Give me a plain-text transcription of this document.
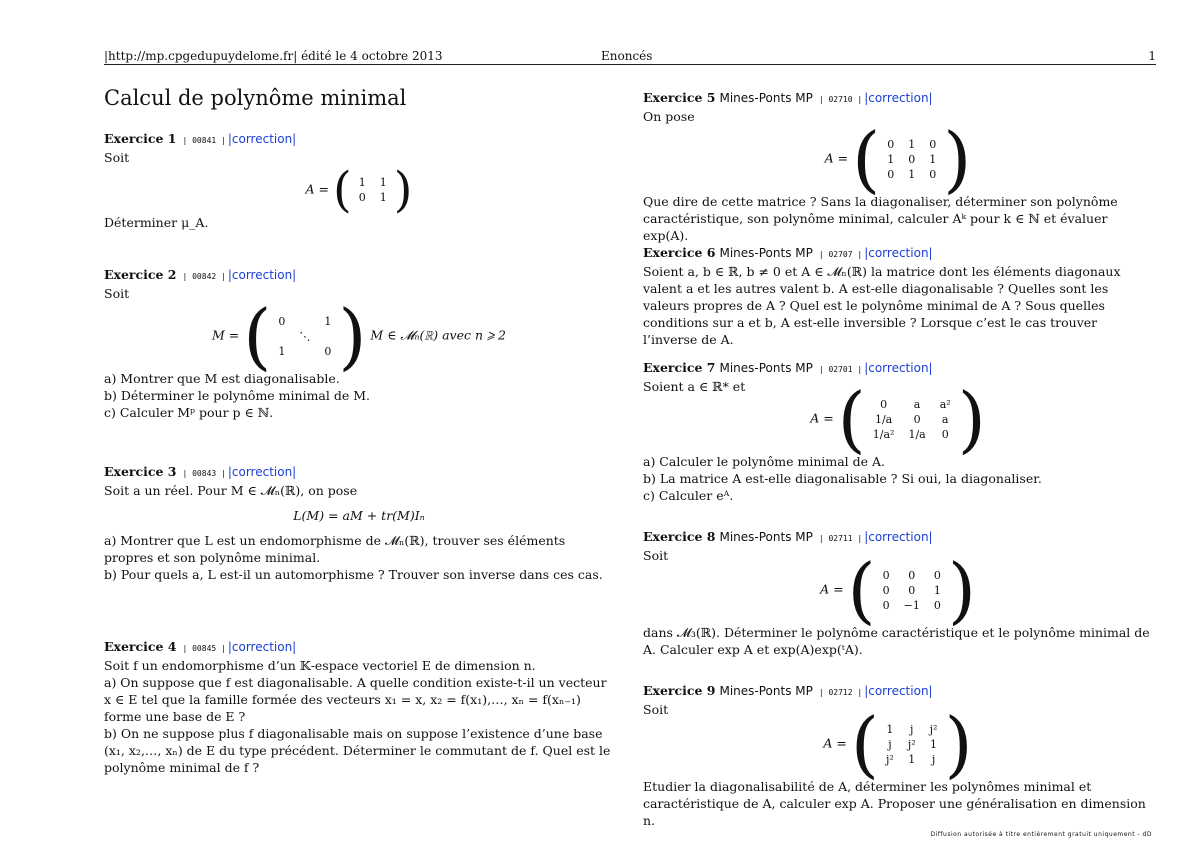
|http://mp.cpgedupuydelome.fr| édité le 4 octobre 2013	Enoncés	1
Calcul de polynôme minimal
Exercice 1 | 00841 | |correction|

Soit

A = ( 1	1
0	1 )

Déterminer μ_A.

Exercice 2 | 00842 | |correction|

Soit

M = ( 0		1
	⋱	
1		0 ) M ∈ 𝓜ₙ(ℝ) avec n ⩾ 2

a) Montrer que M est diagonalisable.

b) Déterminer le polynôme minimal de M.

c) Calculer Mᵖ pour p ∈ ℕ.

Exercice 3 | 00843 | |correction|

Soit a un réel. Pour M ∈ 𝓜ₙ(ℝ), on pose

L(M) = aM + tr(M)Iₙ

a) Montrer que L est un endomorphisme de 𝓜ₙ(ℝ), trouver ses éléments propres et son polynôme minimal.

b) Pour quels a, L est-il un automorphisme ? Trouver son inverse dans ces cas.

Exercice 4 | 00845 | |correction|

Soit f un endomorphisme d’un 𝕂-espace vectoriel E de dimension n.

a) On suppose que f est diagonalisable. A quelle condition existe-t-il un vecteur x ∈ E tel que la famille formée des vecteurs x₁ = x, x₂ = f(x₁),…, xₙ = f(xₙ₋₁) forme une base de E ?

b) On ne suppose plus f diagonalisable mais on suppose l’existence d’une base (x₁, x₂,…, xₙ) de E du type précédent. Déterminer le commutant de f. Quel est le polynôme minimal de f ?

Exercice 5 Mines-Ponts MP | 02710 | |correction|

On pose

A = ( 0	1	0
1	0	1
0	1	0 )

Que dire de cette matrice ? Sans la diagonaliser, déterminer son polynôme caractéristique, son polynôme minimal, calculer Aᵏ pour k ∈ ℕ et évaluer exp(A).

Exercice 6 Mines-Ponts MP | 02707 | |correction|

Soient a, b ∈ ℝ, b ≠ 0 et A ∈ 𝓜ₙ(ℝ) la matrice dont les éléments diagonaux valent a et les autres valent b. A est-elle diagonalisable ? Quelles sont les valeurs propres de A ? Quel est le polynôme minimal de A ? Sous quelles conditions sur a et b, A est-elle inversible ? Lorsque c’est le cas trouver l’inverse de A.

Exercice 7 Mines-Ponts MP | 02701 | |correction|

Soient a ∈ ℝ* et

A = ( 0	a	a²
1/a	0	a
1/a²	1/a	0 )

a) Calculer le polynôme minimal de A.

b) La matrice A est-elle diagonalisable ? Si oui, la diagonaliser.

c) Calculer eᴬ.

Exercice 8 Mines-Ponts MP | 02711 | |correction|

Soit

A = ( 0	0	0
0	0	1
0	−1	0 )

dans 𝓜₃(ℝ). Déterminer le polynôme caractéristique et le polynôme minimal de A. Calculer exp A et exp(A)exp(ᵗA).

Exercice 9 Mines-Ponts MP | 02712 | |correction|

Soit

A = ( 1	j	j²
j	j²	1
j²	1	j )

Etudier la diagonalisabilité de A, déterminer les polynômes minimal et caractéristique de A, calculer exp A. Proposer une généralisation en dimension n.

Diffusion autorisée à titre entièrement gratuit uniquement - dD
